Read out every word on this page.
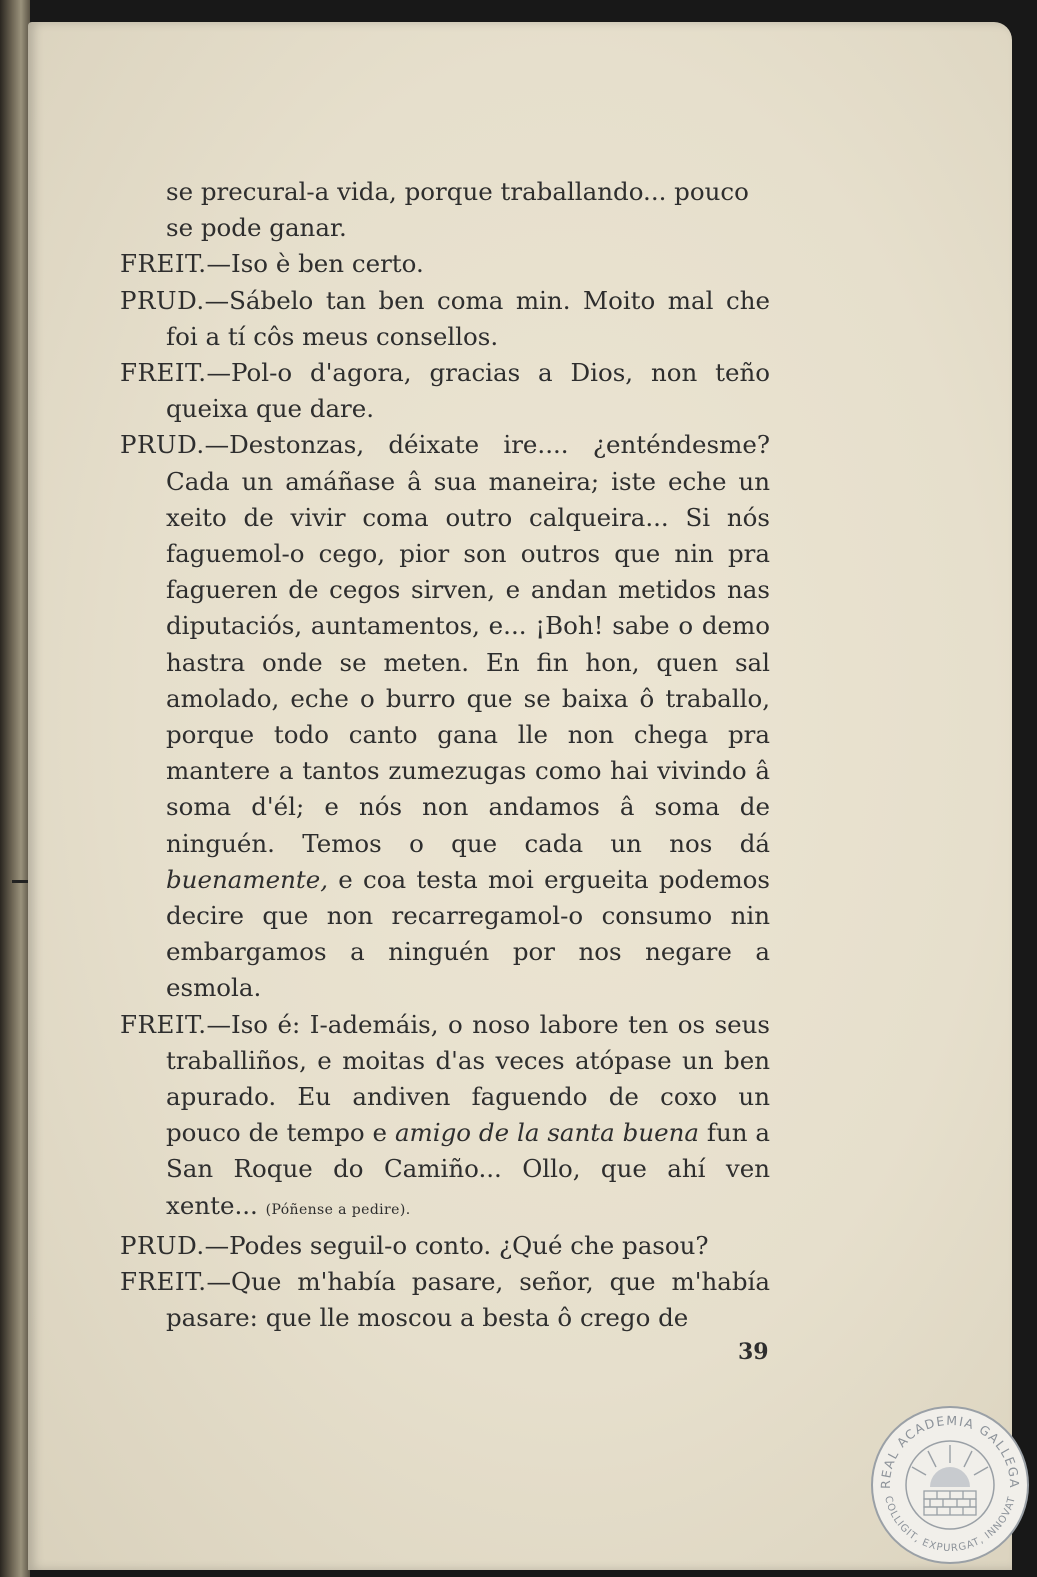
se precural-a vida, porque traballando... pouco
se pode ganar.

FREIT.—Iso è ben certo.

PRUD.—Sábelo tan ben coma min. Moito mal che foi a tí côs meus consellos.

FREIT.—Pol-o d'agora, gracias a Dios, non teño queixa que dare.

PRUD.—Destonzas, déixate ire.... ¿enténdesme? Cada un amáñase â sua maneira; iste eche un xeito de vivir coma outro calqueira... Si nós faguemol-o cego, pior son outros que nin pra fagueren de cegos sirven, e andan metidos nas diputaciós, auntamentos, e... ¡Boh! sabe o demo hastra onde se meten. En fin hon, quen sal amolado, eche o burro que se baixa ô traballo, porque todo canto gana lle non chega pra mantere a tantos zumezugas como hai vivindo â soma d'él; e nós non andamos â soma de ninguén. Temos o que cada un nos dá buenamente, e coa testa moi ergueita podemos decire que non recarregamol-o consumo nin embargamos a ninguén por nos negare a esmola.

FREIT.—Iso é: I-ademáis, o noso labore ten os seus traballiños, e moitas d'as veces atópase un ben apurado. Eu andiven faguendo de coxo un pouco de tempo e amigo de la santa buena fun a San Roque do Camiño... Ollo, que ahí ven xente... (Póñense a pedire).

PRUD.—Podes seguil-o conto. ¿Qué che pasou?

FREIT.—Que m'había pasare, señor, que m'había pasare: que lle moscou a besta ô crego de

39
REAL ACADEMIA GALLEGA
COLLIGIT, EXPURGAT, INNOVAT
